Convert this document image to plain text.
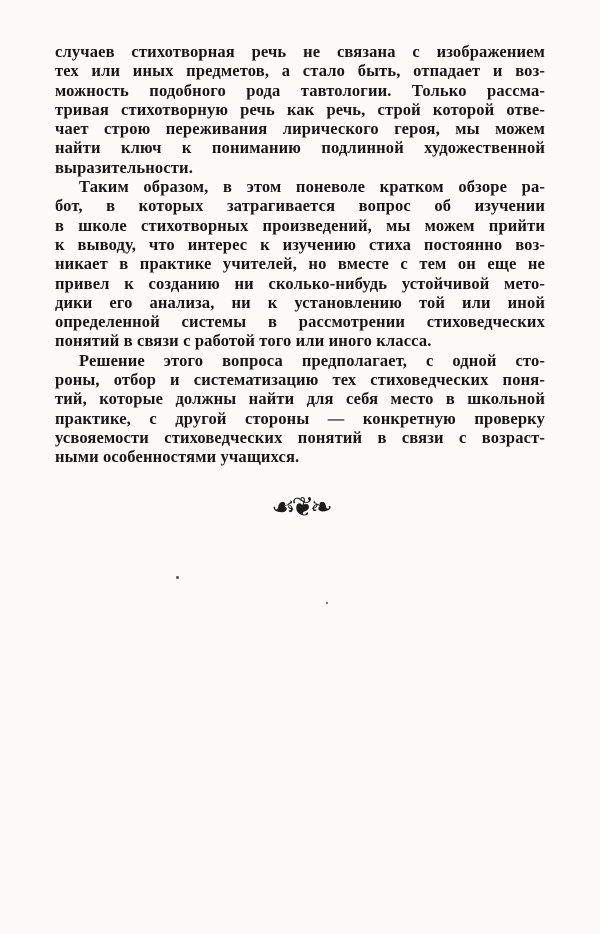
случаев стихотворная речь не связана с изображением
тех или иных предметов, а стало быть, отпадает и воз-
можность подобного рода тавтологии. Только рассма-
тривая стихотворную речь как речь, строй которой отве-
чает строю переживания лирического героя, мы можем
найти ключ к пониманию подлинной художественной
выразительности.
Таким образом, в этом поневоле кратком обзоре ра-
бот, в которых затрагивается вопрос об изучении
в школе стихотворных произведений, мы можем прийти
к выводу, что интерес к изучению стиха постоянно воз-
никает в практике учителей, но вместе с тем он еще не
привел к созданию ни сколько-нибудь устойчивой мето-
дики его анализа, ни к установлению той или иной
определенной системы в рассмотрении стиховедческих
понятий в связи с работой того или иного класса.
Решение этого вопроса предполагает, с одной сто-
роны, отбор и систематизацию тех стиховедческих поня-
тий, которые должны найти для себя место в школьной
практике, с другой стороны — конкретную проверку
усвояемости стиховедческих понятий в связи с возраст-
ными особенностями учащихся.
☙❦❧
